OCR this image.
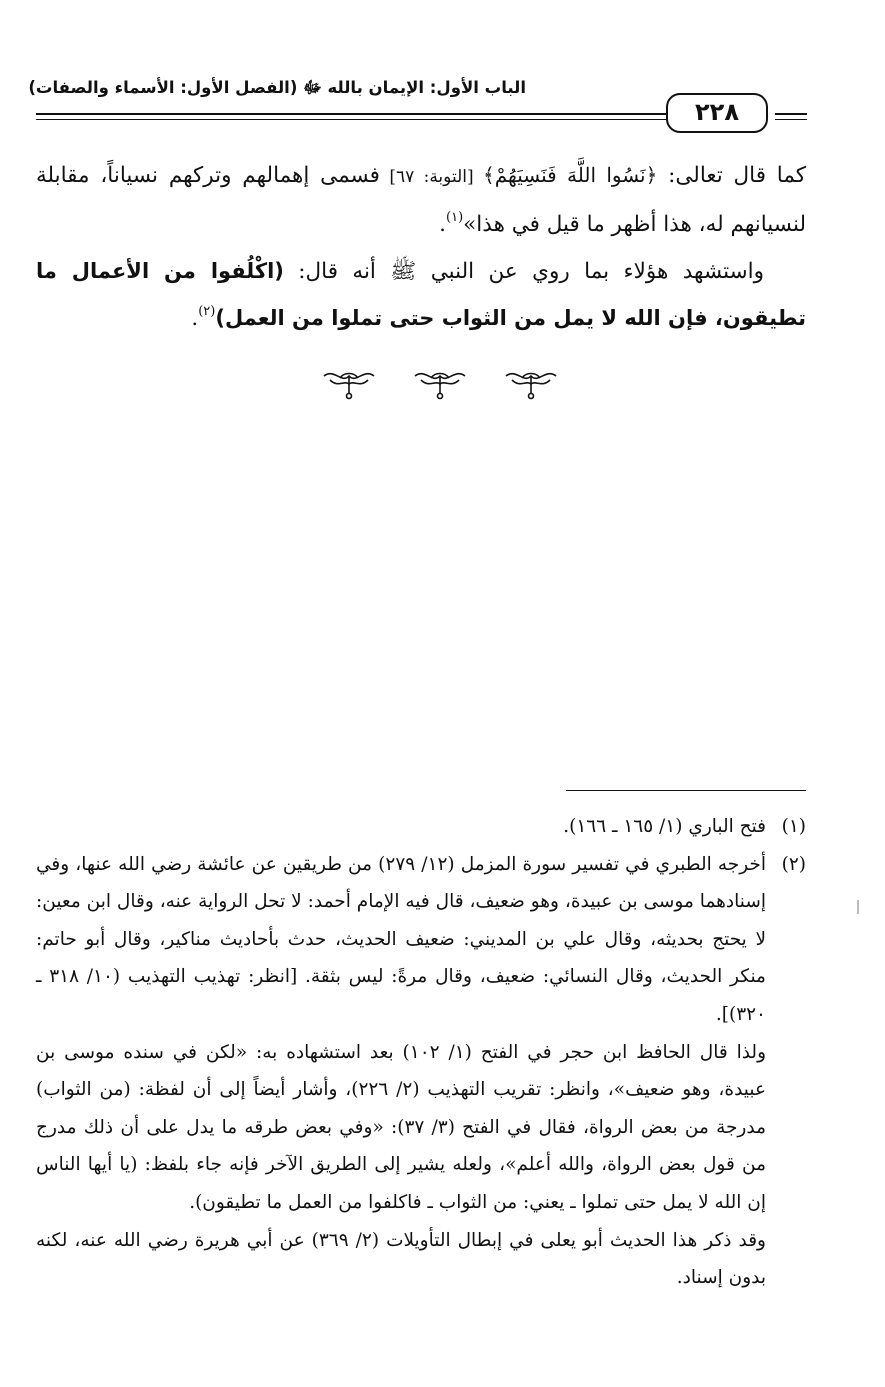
الباب الأول: الإيمان بالله ﷻ (الفصل الأول: الأسماء والصفات)
٢٢٨

كما قال تعالى: ﴿نَسُوا اللَّهَ فَنَسِيَهُمْ﴾ [التوبة: ٦٧] فسمى إهمالهم وتركهم نسياناً، مقابلة لنسيانهم له، هذا أظهر ما قيل في هذا»$^{(١)}$.

واستشهد هؤلاء بما روي عن النبي ﷺ أنه قال: (اكْلُفوا من الأعمال ما تطيقون، فإن الله لا يمل من الثواب حتى تملوا من العمل)$^{(٢)}$.

(١)

فتح الباري (١/ ١٦٥ ـ ١٦٦).

(٢)

أخرجه الطبري في تفسير سورة المزمل (١٢/ ٢٧٩) من طريقين عن عائشة رضي الله عنها، وفي إسنادهما موسى بن عبيدة، وهو ضعيف، قال فيه الإمام أحمد: لا تحل الرواية عنه، وقال ابن معين: لا يحتج بحديثه، وقال علي بن المديني: ضعيف الحديث، حدث بأحاديث مناكير، وقال أبو حاتم: منكر الحديث، وقال النسائي: ضعيف، وقال مرةً: ليس بثقة. [انظر: تهذيب التهذيب (١٠/ ٣١٨ ـ ٣٢٠)].

ولذا قال الحافظ ابن حجر في الفتح (١/ ١٠٢) بعد استشهاده به: «لكن في سنده موسى بن عبيدة، وهو ضعيف»، وانظر: تقريب التهذيب (٢/ ٢٢٦)، وأشار أيضاً إلى أن لفظة: (من الثواب) مدرجة من بعض الرواة، فقال في الفتح (٣/ ٣٧): «وفي بعض طرقه ما يدل على أن ذلك مدرج من قول بعض الرواة، والله أعلم»، ولعله يشير إلى الطريق الآخر فإنه جاء بلفظ: (يا أيها الناس إن الله لا يمل حتى تملوا ـ يعني: من الثواب ـ فاكلفوا من العمل ما تطيقون).

وقد ذكر هذا الحديث أبو يعلى في إبطال التأويلات (٢/ ٣٦٩) عن أبي هريرة رضي الله عنه، لكنه بدون إسناد.
